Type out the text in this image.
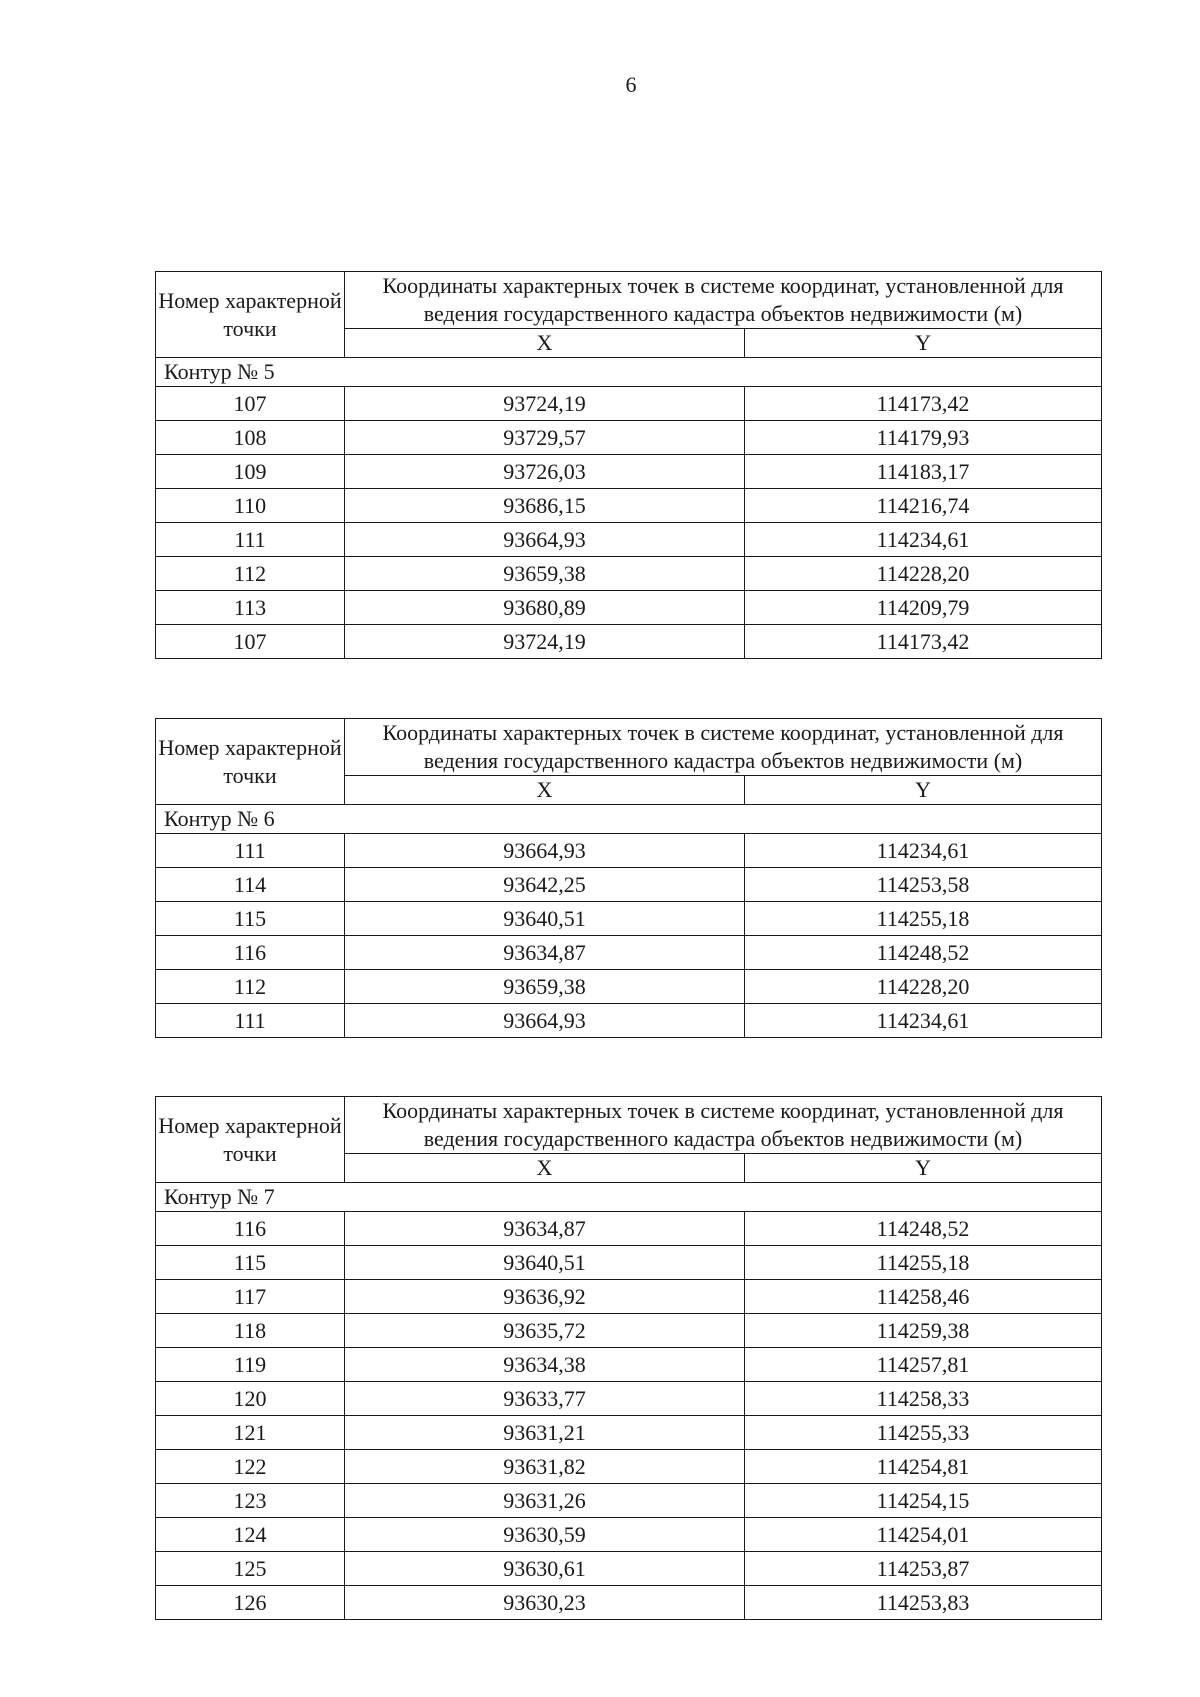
6
Номер характерной точки	Координаты характерных точек в системе координат, установленной для ведения государственного кадастра объектов недвижимости (м)	
	X	Y
Контур № 5		
107	93724,19	114173,42
108	93729,57	114179,93
109	93726,03	114183,17
110	93686,15	114216,74
111	93664,93	114234,61
112	93659,38	114228,20
113	93680,89	114209,79
107	93724,19	114173,42
Номер характерной точки	Координаты характерных точек в системе координат, установленной для ведения государственного кадастра объектов недвижимости (м)	
	X	Y
Контур № 6		
111	93664,93	114234,61
114	93642,25	114253,58
115	93640,51	114255,18
116	93634,87	114248,52
112	93659,38	114228,20
111	93664,93	114234,61
Номер характерной точки	Координаты характерных точек в системе координат, установленной для ведения государственного кадастра объектов недвижимости (м)	
	X	Y
Контур № 7		
116	93634,87	114248,52
115	93640,51	114255,18
117	93636,92	114258,46
118	93635,72	114259,38
119	93634,38	114257,81
120	93633,77	114258,33
121	93631,21	114255,33
122	93631,82	114254,81
123	93631,26	114254,15
124	93630,59	114254,01
125	93630,61	114253,87
126	93630,23	114253,83
